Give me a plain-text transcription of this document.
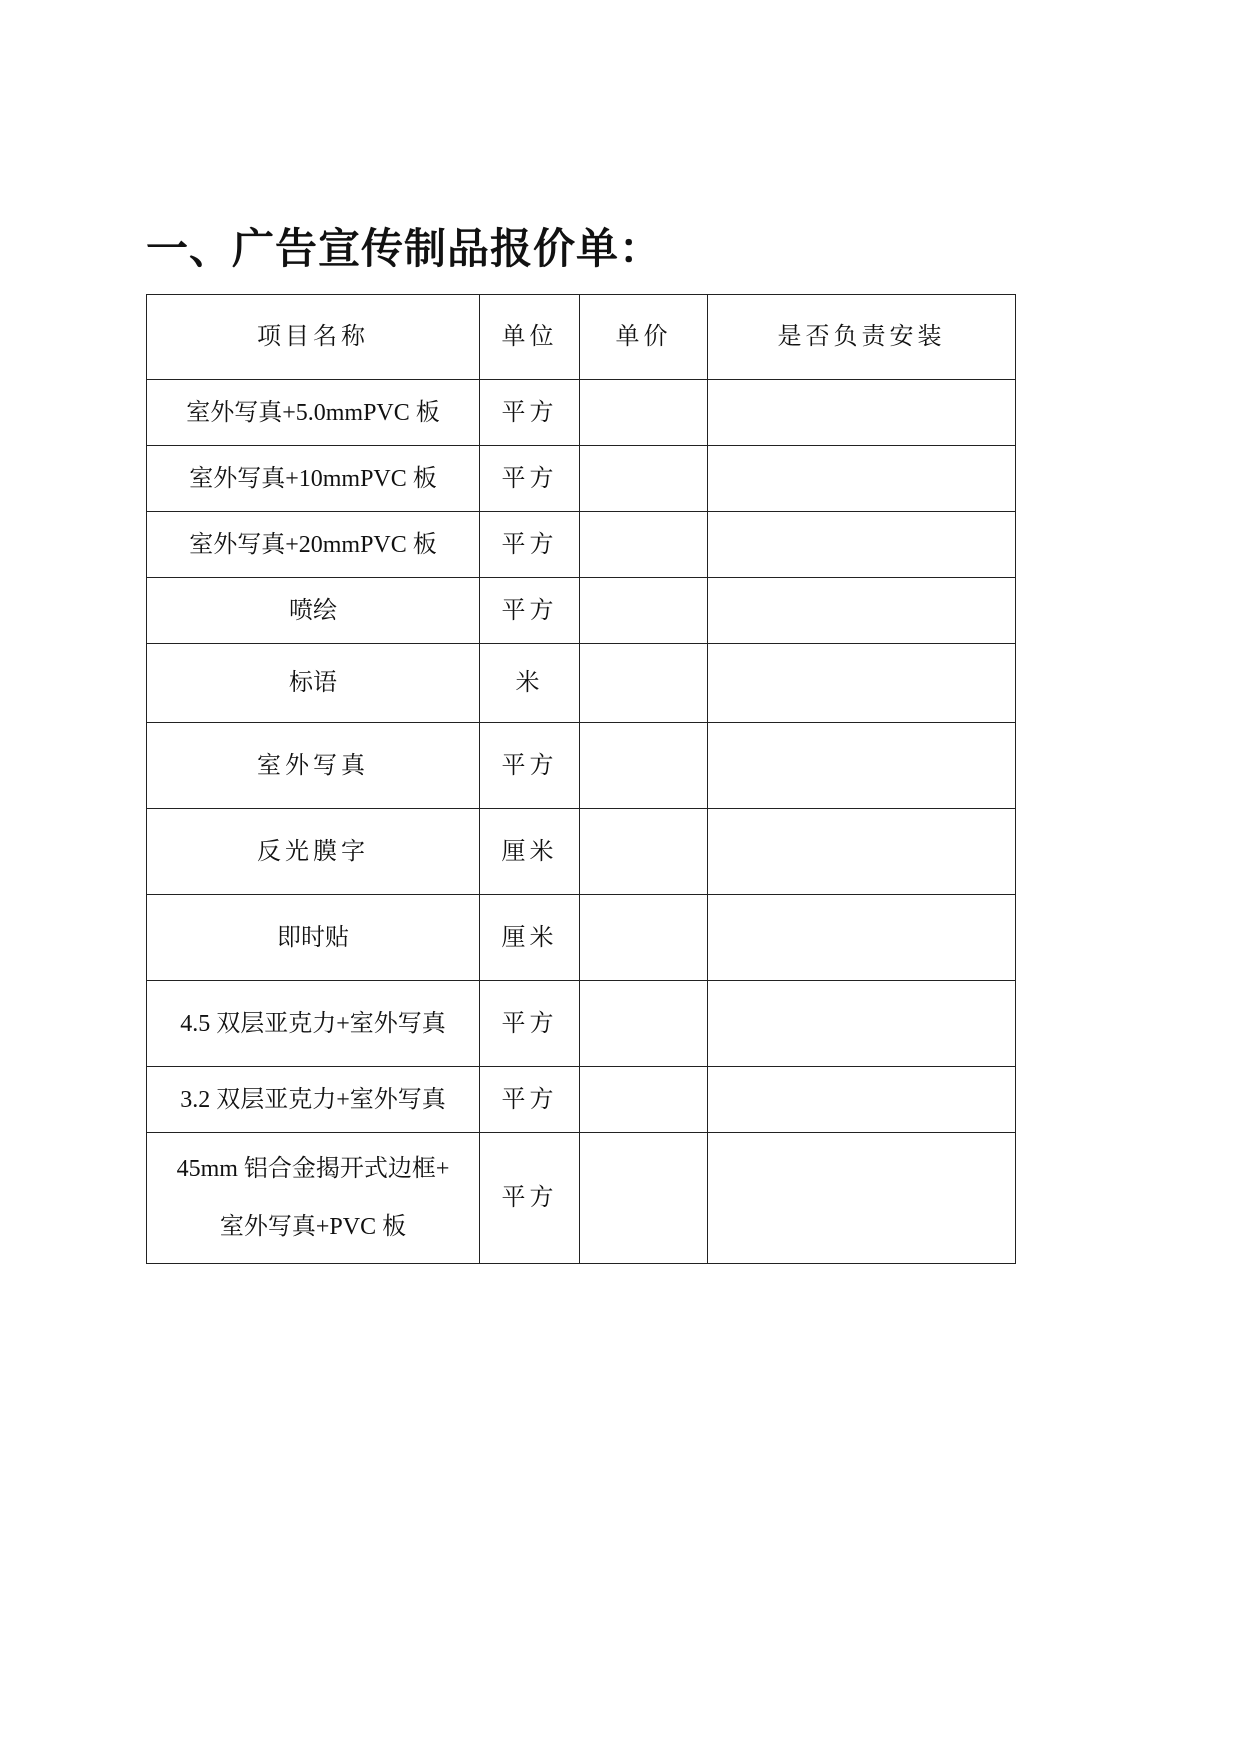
一、广告宣传制品报价单：
项目名称	单位	单价	是否负责安装
室外写真+5.0mmPVC 板	平方		
室外写真+10mmPVC 板	平方		
室外写真+20mmPVC 板	平方		
喷绘	平方		
标语	米		
室外写真	平方		
反光膜字	厘米		
即时贴	厘米		
4.5 双层亚克力+室外写真	平方		
3.2 双层亚克力+室外写真	平方		

45mm 铝合金揭开式边框+
室外写真+PVC 板	平方		
